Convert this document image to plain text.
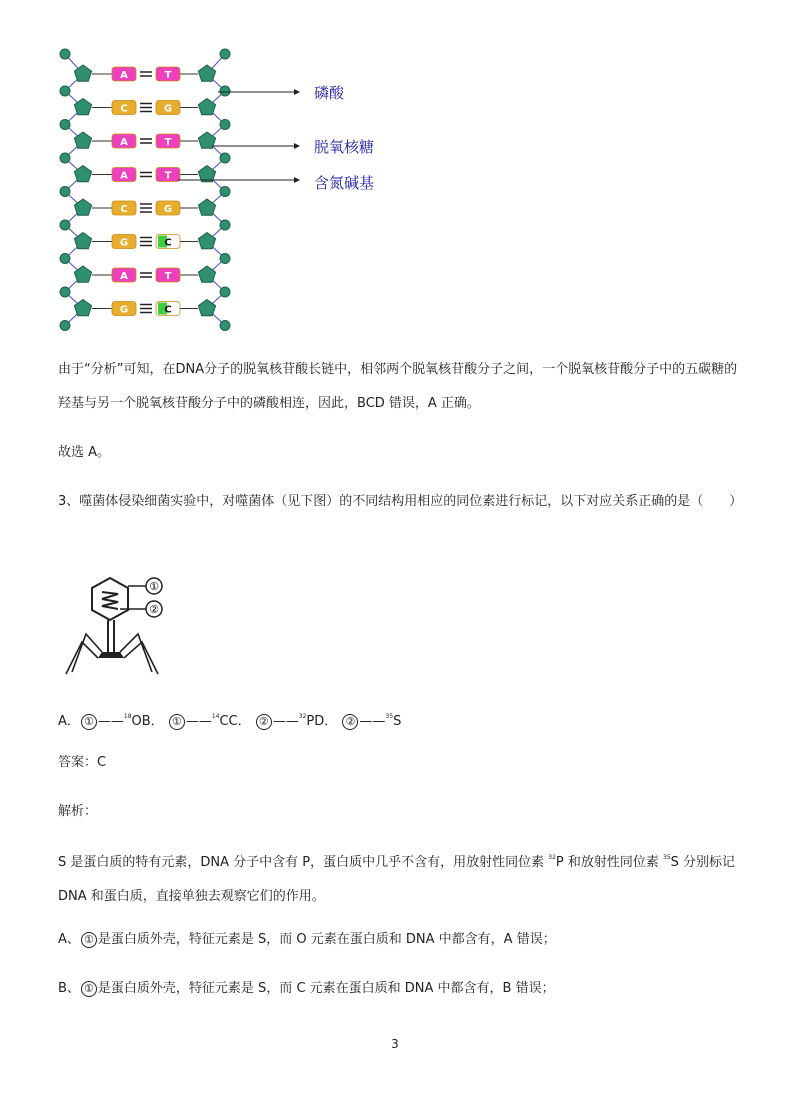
A	T
C	G
A	T
A	T
C	G
G	C
A	T
G	C
磷酸
脱氧核糖
含氮碱基
由于“分析”可知，在DNA分子的脱氧核苷酸长链中，相邻两个脱氧核苷酸分子之间，一个脱氧核苷酸分子中的五碳糖的羟基与另一个脱氧核苷酸分子中的磷酸相连，因此，BCD 错误，A 正确。
故选 A。
3、噬菌体侵染细菌实验中，对噬菌体（见下图）的不同结构用相应的同位素进行标记，以下对应关系正确的是（　　）
①
②
A． ① ——$^{18}$OB． ① ——$^{14}$CC． ② ——$^{32}$PD． ② ——$^{35}$S
答案：C
解析：
S 是蛋白质的特有元素，DNA 分子中含有 P，蛋白质中几乎不含有，用放射性同位素 $^{32}$P 和放射性同位素 $^{35}$S 分别标记 DNA 和蛋白质，直接单独去观察它们的作用。
A、 ① 是蛋白质外壳，特征元素是 S，而 O 元素在蛋白质和 DNA 中都含有，A 错误；
B、 ① 是蛋白质外壳，特征元素是 S，而 C 元素在蛋白质和 DNA 中都含有，B 错误；
3
